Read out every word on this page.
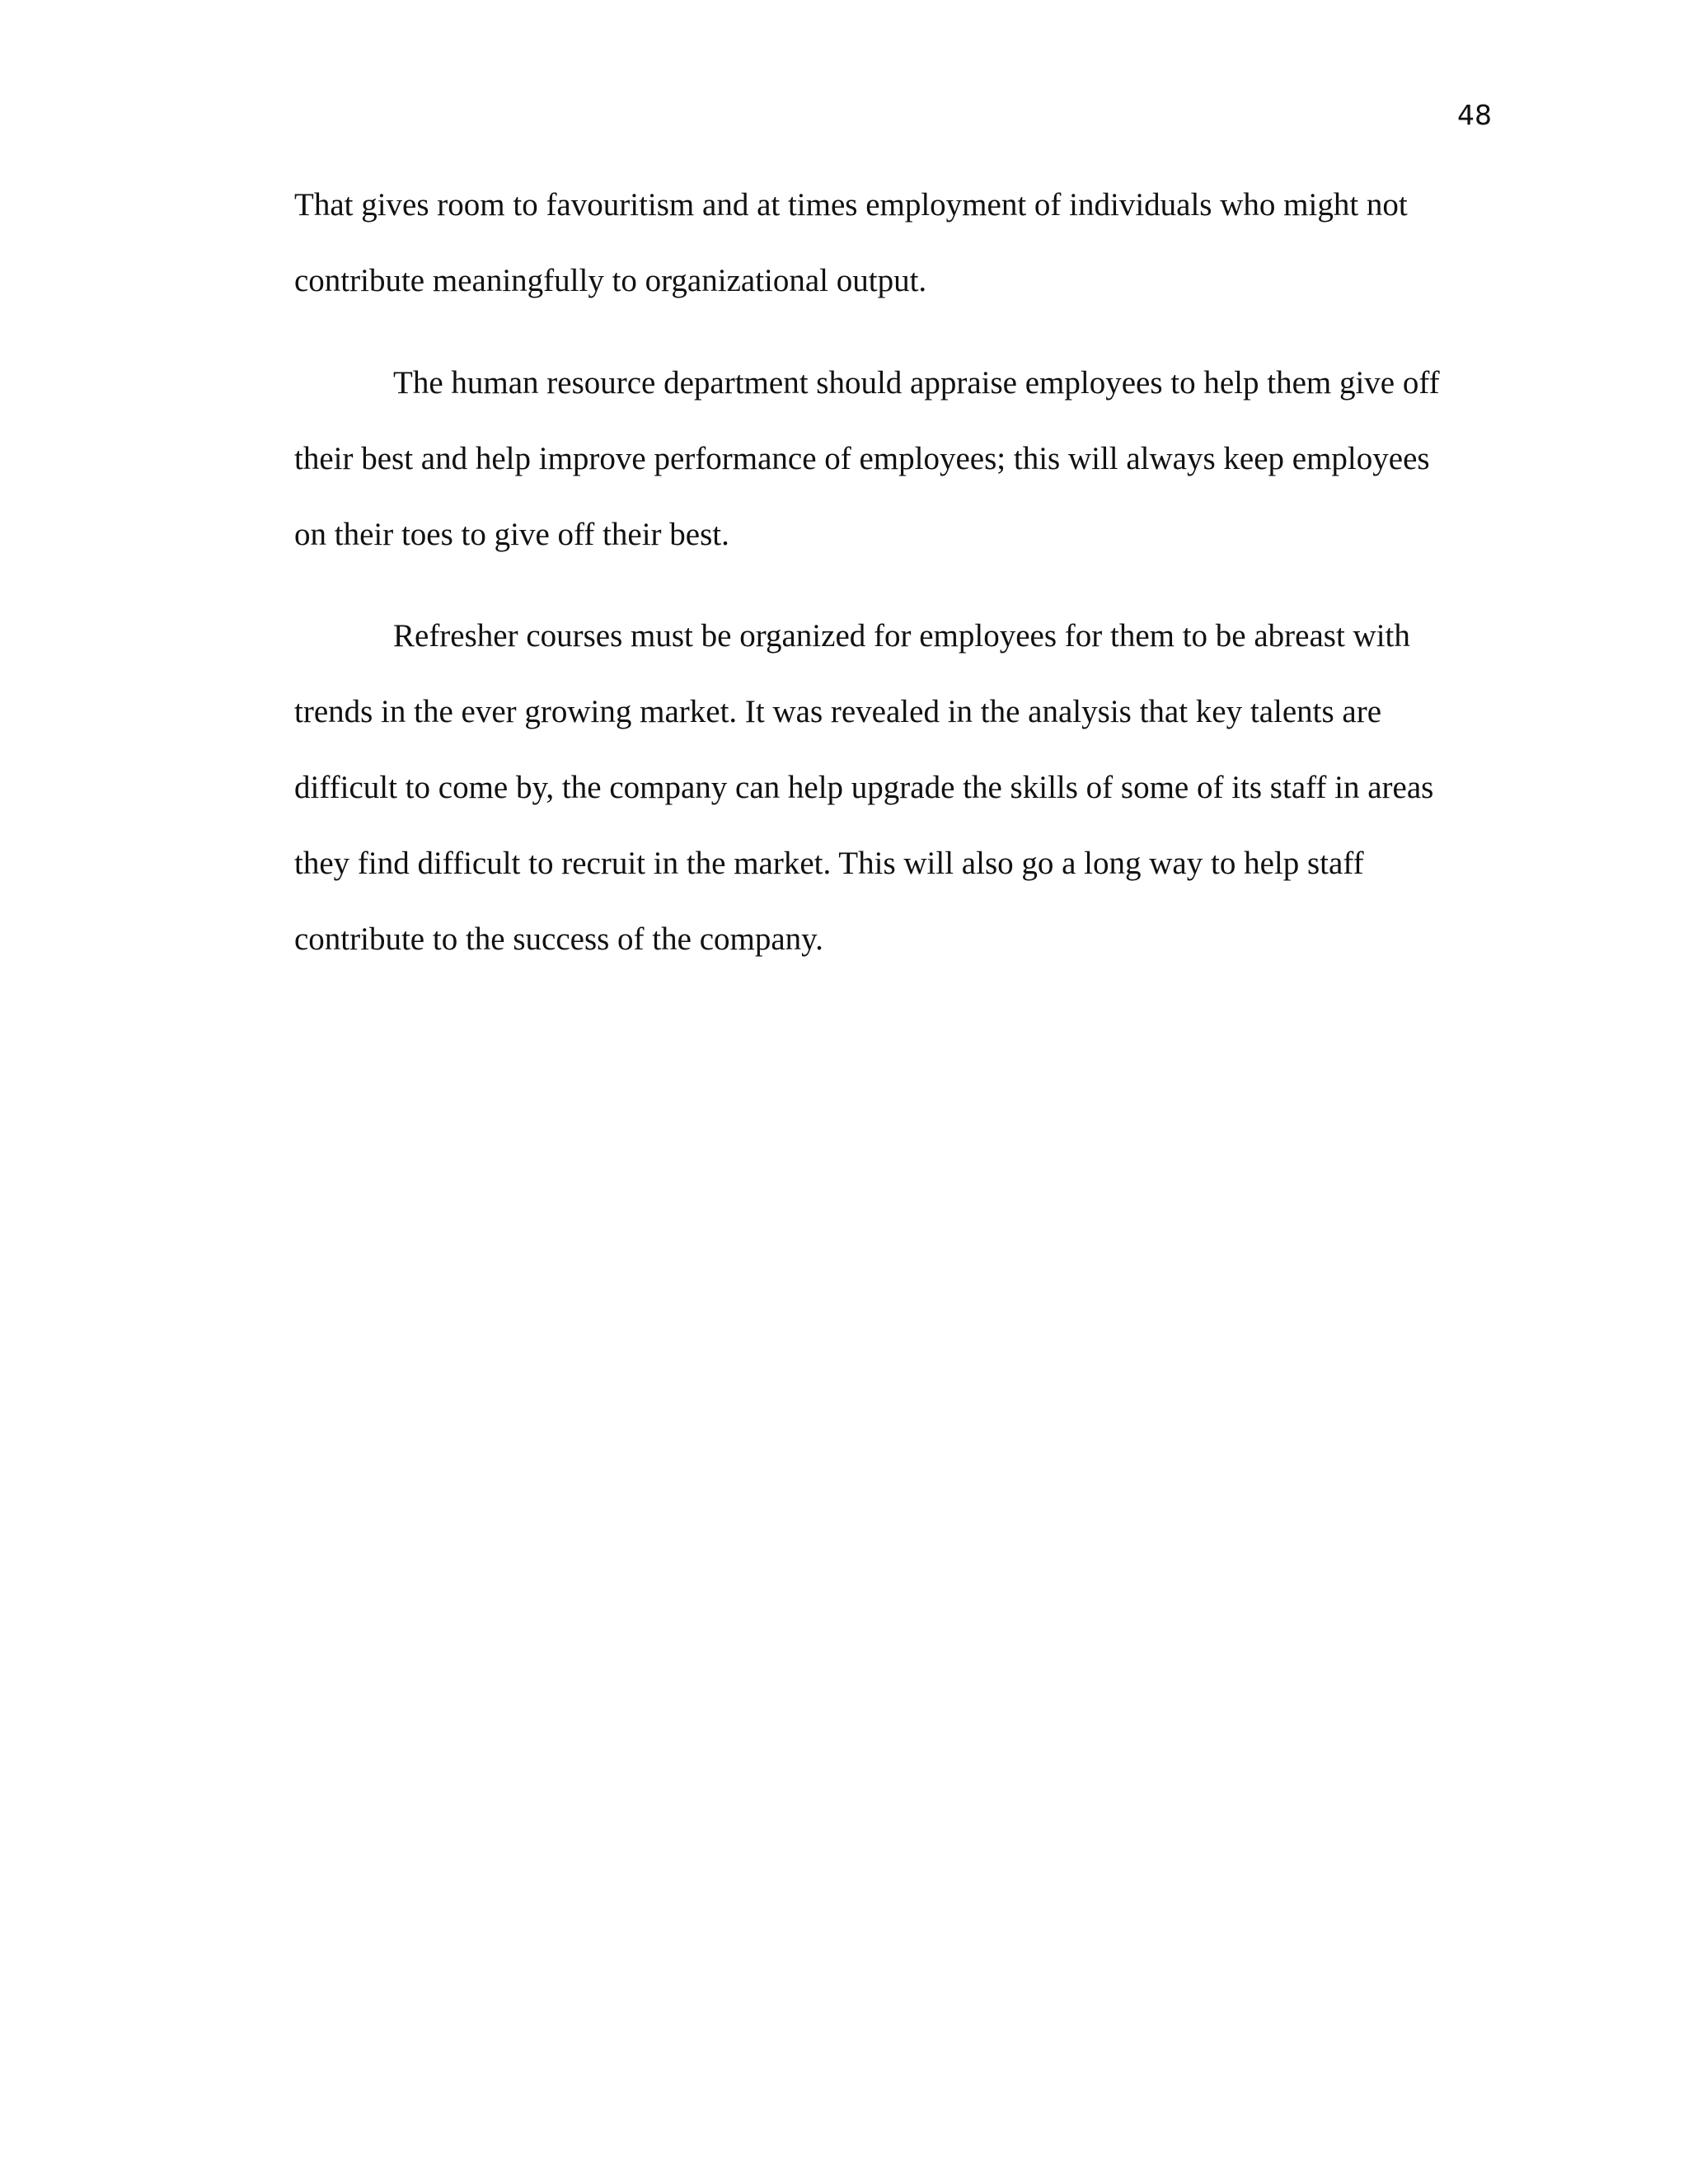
48
That gives room to favouritism and at times employment of individuals who might not
contribute meaningfully to organizational output.
The human resource department should appraise employees to help them give off
their best and help improve performance of employees; this will always keep employees
on their toes to give off their best.
Refresher courses must be organized for employees for them to be abreast with
trends in the ever growing market. It was revealed in the analysis that key talents are
difficult to come by, the company can help upgrade the skills of some of its staff in areas
they find difficult to recruit in the market. This will also go a long way to help staff
contribute to the success of the company.
